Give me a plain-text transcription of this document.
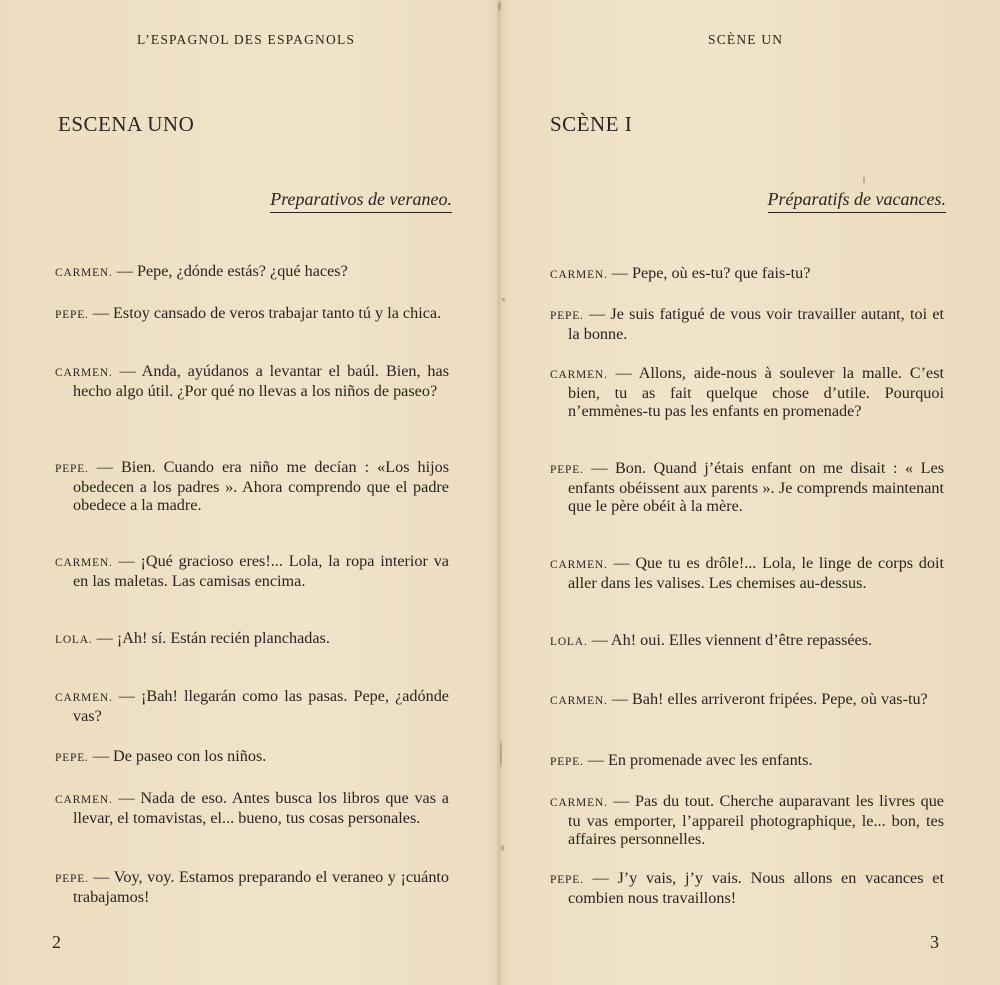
L’ESPAGNOL DES ESPAGNOLS
ESCENA UNO
Preparativos de veraneo.

CARMEN. — Pepe, ¿dónde estás? ¿qué haces?

PEPE. — Estoy cansado de veros trabajar tanto tú y la chica.

CARMEN. — Anda, ayúdanos a levantar el baúl. Bien, has hecho algo útil. ¿Por qué no llevas a los niños de paseo?

PEPE. — Bien. Cuando era niño me decían : «Los hijos obedecen a los padres ». Ahora comprendo que el padre obedece a la madre.

CARMEN. — ¡Qué gracioso eres!... Lola, la ropa interior va en las maletas. Las camisas encima.

LOLA. — ¡Ah! sí. Están recién planchadas.

CARMEN. — ¡Bah! llegarán como las pasas. Pepe, ¿adónde vas?

PEPE. — De paseo con los niños.

CARMEN. — Nada de eso. Antes busca los libros que vas a llevar, el tomavistas, el... bueno, tus cosas personales.

PEPE. — Voy, voy. Estamos preparando el veraneo y ¡cuánto trabajamos!

2
SCÈNE UN
SCÈNE I
Préparatifs de vacances.

CARMEN. — Pepe, où es-tu? que fais-tu?

PEPE. — Je suis fatigué de vous voir travailler autant, toi et la bonne.

CARMEN. — Allons, aide-nous à soulever la malle. C’est bien, tu as fait quelque chose d’utile. Pourquoi n’emmènes-tu pas les enfants en promenade?

PEPE. — Bon. Quand j’étais enfant on me disait : « Les enfants obéissent aux parents ». Je comprends maintenant que le père obéit à la mère.

CARMEN. — Que tu es drôle!... Lola, le linge de corps doit aller dans les valises. Les chemises au-dessus.

LOLA. — Ah! oui. Elles viennent d’être repassées.

CARMEN. — Bah! elles arriveront fripées. Pepe, où vas-tu?

PEPE. — En promenade avec les enfants.

CARMEN. — Pas du tout. Cherche auparavant les livres que tu vas emporter, l’appareil photographique, le... bon, tes affaires personnelles.

PEPE. — J’y vais, j’y vais. Nous allons en vacances et combien nous travaillons!

3
